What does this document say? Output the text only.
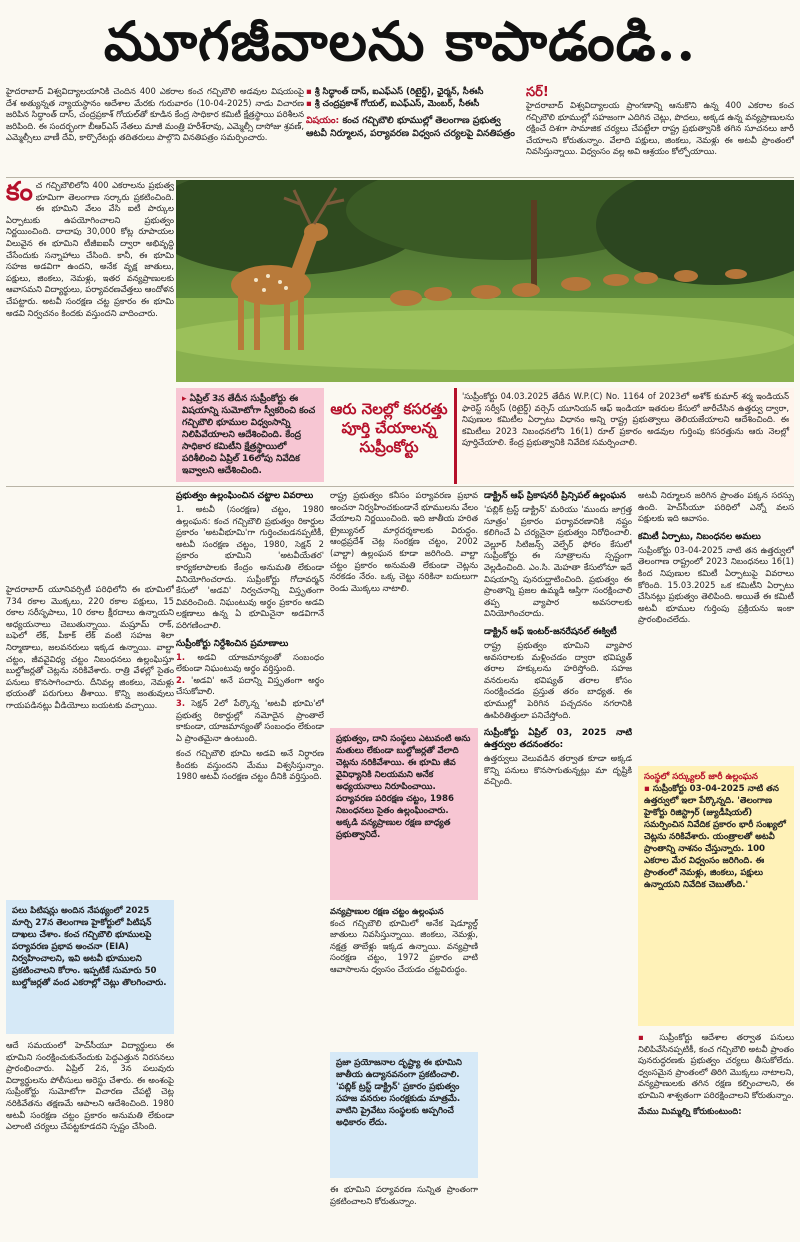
మూగజీవాలను కాపాడండి..
హైదరాబాద్ విశ్వవిద్యాలయానికి చెందిన 400 ఎకరాల కంచ గచ్చిబౌలి అడవుల విషయంపై దేశ అత్యున్నత న్యాయస్థానం ఆదేశాల మేరకు గురువారం (10-04-2025) నాడు విచారణ జరిపిన సిద్ధాంత్ దాస్, చంద్రప్రకాశ్ గోయల్‌తో కూడిన కేంద్ర సాధికార కమిటీ క్షేత్రస్థాయి పరిశీలన జరిపింది. ఈ సందర్భంగా బీఆర్ఎస్ నేతలు మాజీ మంత్రి హరీశ్‌రావు, ఎమ్మెల్సీ దాసోజు శ్రవణ్, ఎమ్మెల్సీలు వాణీ దేవి, కార్పొరేటర్లు తదితరులు పాల్గొని వినతిపత్రం సమర్పించారు.
▪ శ్రీ సిద్ధాంత్ దాస్, ఐఎఫ్ఎస్ (రిటైర్డ్), ఛైర్మన్, సీఈసీ
▪ శ్రీ చంద్రప్రకాశ్ గోయల్, ఐఎఫ్ఎస్, మెంబర్, సీఈసీ
విషయం: కంచ గచ్చిబౌలి భూముల్లో తెలంగాణ ప్రభుత్వ ఆటవీ నిర్మూలన, పర్యావరణ విధ్వంస చర్యలపై వినతిపత్రం
సర్!
హైదరాబాద్ విశ్వవిద్యాలయ ప్రాంగణాన్ని ఆనుకొని ఉన్న 400 ఎకరాల కంచ గచ్చిబౌలి భూముల్లో సహజంగా ఎదిగిన చెట్లు, పొదలు, అక్కడ ఉన్న వన్యప్రాణులను రక్షించే దిశగా సామాజిక చర్యలు చేపట్టేలా రాష్ట్ర ప్రభుత్వానికి తగిన సూచనలు జారీ చేయాలని కోరుతున్నాం. వేలాది పక్షులు, జింకలు, నెమళ్లు ఈ అటవీ ప్రాంతంలో నివసిస్తున్నాయి. విధ్వంసం వల్ల అవి ఆశ్రయం కోల్పోయాయి.
కంచ గచ్చిబౌలిలోని 400 ఎకరాలను ప్రభుత్వ భూమిగా తెలంగాణ సర్కారు ప్రకటించింది. ఈ భూమిని వేలం వేసి ఐటీ పార్కుల ఏర్పాటుకు ఉపయోగించాలని ప్రభుత్వం నిర్ణయించింది. దాదాపు 30,000 కోట్ల రూపాయల విలువైన ఈ భూమిని టీజీఐఐసీ ద్వారా అభివృద్ధి చేసేందుకు సన్నాహాలు చేసింది. కానీ, ఈ భూమి సహజ అడవిగా ఉందని, అనేక వృక్ష జాతులు, పక్షులు, జింకలు, నెమళ్లు, ఇతర వన్యప్రాణులకు ఆవాసమని విద్యార్థులు, పర్యావరణవేత్తలు ఆందోళన చేపట్టారు. అటవీ సంరక్షణ చట్ట ప్రకారం ఈ భూమి అడవి నిర్వచనం కిందకు వస్తుందని వాదించారు.
▸ ఏప్రిల్ 3న తేదీన సుప్రీంకోర్టు ఈ విషయాన్ని సుమోటోగా స్వీకరించి కంచ గచ్చిబౌలి భూముల విధ్వంసాన్ని నిలిపివేయాలని ఆదేశించింది. కేంద్ర సాధికార కమిటీని క్షేత్రస్థాయిలో పరిశీలించి ఏప్రిల్ 16లోపు నివేదిక ఇవ్వాలని ఆదేశించింది.
ఆరు నెలల్లో కసరత్తు పూర్తి చేయాలన్న సుప్రీంకోర్టు
'సుప్రీంకోర్టు 04.03.2025 తేదీన W.P.(C) No. 1164 of 2023లో అశోక్ కుమార్ శర్మ ఇండియన్ ఫారెస్ట్ సర్వీస్ (రిటైర్డ్) వర్సెస్ యూనియన్ ఆఫ్ ఇండియా ఇతరుల కేసులో జారీచేసిన ఉత్తర్వు ద్వారా, నిపుణుల కమిటీల ఏర్పాటు విధానం అన్ని రాష్ట్ర ప్రభుత్వాలు తెలియజేయాలని ఆదేశించింది. ఈ కమిటీలు 2023 నిబంధనలోని 16(1) రూల్ ప్రకారం అడవుల గుర్తింపు కసరత్తును ఆరు నెలల్లో పూర్తిచేయాలి. కేంద్ర ప్రభుత్వానికి నివేదిక సమర్పించాలి.
హైదరాబాద్ యూనివర్సిటీ పరిధిలోని ఈ భూమిలో 734 రకాల మొక్కలు, 220 రకాల పక్షులు, 15 రకాల సరీసృపాలు, 10 రకాల క్షీరదాలు ఉన్నాయని అధ్యయనాలు చెబుతున్నాయి. మష్రూమ్ రాక్, బఫెలో లేక్, పీకాక్ లేక్ వంటి సహజ శిలా నిర్మాణాలు, జలవనరులు ఇక్కడ ఉన్నాయి. వాల్టా చట్టం, జీవవైవిధ్య చట్టం నిబంధనలు ఉల్లంఘిస్తూ బుల్డోజర్లతో చెట్లను నరికివేశారు. రాత్రి వేళల్లో సైతం పనులు కొనసాగించారు. దీనివల్ల జింకలు, నెమళ్లు భయంతో పరుగులు తీశాయి. కొన్ని జంతువులు గాయపడినట్లు వీడియోలు బయటకు వచ్చాయి.
పలు పిటిషన్లు అందిన నేపథ్యంలో 2025 మార్చి 27న తెలంగాణ హైకోర్టులో పిటిషన్ దాఖలు చేశాం. కంచ గచ్చిబౌలి భూములపై పర్యావరణ ప్రభావ అంచనా (EIA) నిర్వహించాలని, ఇవి అటవీ భూములని ప్రకటించాలని కోరాం. ఇప్పటికే సుమారు 50 బుల్డోజర్లతో వంద ఎకరాల్లో చెట్లు తొలగించారు.
ఆదే సమయంలో హెచ్‌సీయూ విద్యార్థులు ఈ భూమిని సంరక్షించుకునేందుకు పెద్దఎత్తున నిరసనలు ప్రారంభించారు. ఏప్రిల్ 2న, 3న పలువురు విద్యార్థులను పోలీసులు అరెస్టు చేశారు. ఈ అంశంపై సుప్రీంకోర్టు సుమోటోగా విచారణ చేపట్టి చెట్ల నరికివేతను తక్షణమే ఆపాలని ఆదేశించింది. 1980 అటవీ సంరక్షణ చట్టం ప్రకారం అనుమతి లేకుండా ఎలాంటి చర్యలు చేపట్టకూడదని స్పష్టం చేసింది.
ప్రభుత్వం ఉల్లంఘించిన చట్టాల వివరాలు

1. అటవీ (సంరక్షణ) చట్టం, 1980 ఉల్లంఘన: కంచ గచ్చిబౌలి ప్రభుత్వం రికార్డుల ప్రకారం 'అటవీభూమి'గా గుర్తించబడనప్పటికీ, అటవీ సంరక్షణ చట్టం, 1980, సెక్షన్ 2 ప్రకారం భూమిని 'అటవీయేతర' కార్యకలాపాలకు కేంద్రం అనుమతి లేకుండా వినియోగించరాదు. సుప్రీంకోర్టు గోదావర్మన్ కేసులో 'అడవి' నిర్వచనాన్ని విస్తృతంగా వివరించింది. నిఘంటువు అర్థం ప్రకారం అడవి లక్షణాలు ఉన్న ఏ భూమినైనా అడవిగానే పరిగణించాలి.

సుప్రీంకోర్టు నిర్దేశించిన ప్రమాణాలు

1. అడవి యాజమాన్యంతో సంబంధం లేకుండా నిఘంటువు అర్థం వర్తిస్తుంది.

2. 'అడవి' అనే పదాన్ని విస్తృతంగా అర్థం చేసుకోవాలి.

3. సెక్షన్ 2లో పేర్కొన్న 'అటవీ భూమి'లో ప్రభుత్వ రికార్డుల్లో నమోదైన ప్రాంతాలే కాకుండా, యాజమాన్యంతో సంబంధం లేకుండా ఏ ప్రాంతమైనా ఉంటుంది.

కంచ గచ్చిబౌలి భూమి అడవి అనే నిర్ధారణ కిందకు వస్తుందని మేము విశ్వసిస్తున్నాం. 1980 అటవీ సంరక్షణ చట్టం దీనికి వర్తిస్తుంది.

రాష్ట్ర ప్రభుత్వం కనీసం పర్యావరణ ప్రభావ అంచనా నిర్వహించకుండానే భూములను వేలం వేయాలని నిర్ణయించింది. ఇది జాతీయ హరిత ట్రైబ్యునల్ మార్గదర్శకాలకు విరుద్ధం. ఆంధ్రప్రదేశ్ చెట్ల సంరక్షణ చట్టం, 2002 (వాల్టా) ఉల్లంఘన కూడా జరిగింది. వాల్టా చట్టం ప్రకారం అనుమతి లేకుండా చెట్లను నరకడం నేరం. ఒక్క చెట్టు నరికినా బదులుగా రెండు మొక్కలు నాటాలి.
ప్రభుత్వం, దాని సంస్థలు ఎటువంటి అను మతులు లేకుండా బుల్డోజర్లతో వేలాది చెట్లను నరికివేశాయి. ఈ భూమి జీవ వైవిధ్యానికి నిలయమని అనేక అధ్యయనాలు నిరూపించాయి. పర్యావరణ పరిరక్షణ చట్టం, 1986 నిబంధనలు సైతం ఉల్లంఘించారు. అక్కడి వన్యప్రాణుల రక్షణ బాధ్యత ప్రభుత్వానిదే.
వన్యప్రాణుల రక్షణ చట్టం ఉల్లంఘన

కంచ గచ్చిబౌలి భూమిలో అనేక షెడ్యూల్డ్ జాతులు నివసిస్తున్నాయి. జింకలు, నెమళ్లు, నక్షత్ర తాబేళ్లు ఇక్కడ ఉన్నాయి. వన్యప్రాణి సంరక్షణ చట్టం, 1972 ప్రకారం వాటి ఆవాసాలను ధ్వంసం చేయడం చట్టవిరుద్ధం.

ప్రజా ప్రయోజనాల దృష్ట్యా ఈ భూమిని జాతీయ ఉద్యానవనంగా ప్రకటించాలి. 'పబ్లిక్ ట్రస్ట్ డాక్ట్రిన్' ప్రకారం ప్రభుత్వం సహజ వనరుల సంరక్షకుడు మాత్రమే. వాటిని ప్రైవేటు సంస్థలకు అప్పగించే అధికారం లేదు.
ఈ భూమిని పర్యావరణ సున్నిత ప్రాంతంగా ప్రకటించాలని కోరుతున్నాం.
డాక్ట్రిన్ ఆఫ్ ప్రికాషనరీ ప్రిన్సిపల్ ఉల్లంఘన

'పబ్లిక్ ట్రస్ట్ డాక్ట్రిన్' మరియు 'ముందు జాగ్రత్త సూత్రం' ప్రకారం పర్యావరణానికి నష్టం కలిగించే ఏ చర్యనైనా ప్రభుత్వం నిరోధించాలి. వెల్లూర్ సిటిజన్స్ వెల్ఫేర్ ఫోరం కేసులో సుప్రీంకోర్టు ఈ సూత్రాలను స్పష్టంగా వెల్లడించింది. ఎం.సి. మెహతా కేసులోనూ ఇదే విషయాన్ని పునరుద్ఘాటించింది. ప్రభుత్వం ఈ ప్రాంతాన్ని ప్రజల ఉమ్మడి ఆస్తిగా సంరక్షించాలి తప్ప వ్యాపార అవసరాలకు వినియోగించరాదు.

డాక్ట్రిన్ ఆఫ్ ఇంటర్-జనరేషనల్ ఈక్విటీ

రాష్ట్ర ప్రభుత్వం భూమిని వ్యాపార అవసరాలకు మళ్లించడం ద్వారా భవిష్యత్ తరాల హక్కులను హరిస్తోంది. సహజ వనరులను భవిష్యత్ తరాల కోసం సంరక్షించడం ప్రస్తుత తరం బాధ్యత. ఈ భూముల్లో పెరిగిన పచ్చదనం నగరానికి ఊపిరితిత్తులా పనిచేస్తోంది.

సుప్రీంకోర్టు ఏప్రిల్ 03, 2025 నాటి ఉత్తర్వుల తదనంతరం:

ఉత్తర్వులు వెలువడిన తర్వాత కూడా అక్కడ కొన్ని పనులు కొనసాగుతున్నట్లు మా దృష్టికి వచ్చింది.

అటవీ నిర్మూలన జరిగిన ప్రాంతం పక్కన సరస్సు ఉంది. హెచ్‌సీయూ పరిధిలో ఎన్నో వలస పక్షులకు ఇది ఆవాసం.

కమిటీ ఏర్పాటు, నిబంధనల అమలు

సుప్రీంకోర్టు 03-04-2025 నాటి తన ఉత్తర్వులో తెలంగాణ రాష్ట్రంలో 2023 నిబంధనలు 16(1) కింద నిపుణుల కమిటీ ఏర్పాటుపై వివరాలు కోరింది. 15.03.2025 ఒక కమిటీని ఏర్పాటు చేసినట్లు ప్రభుత్వం తెలిపింది. అయితే ఈ కమిటీ అటవీ భూముల గుర్తింపు ప్రక్రియను ఇంకా ప్రారంభించలేదు.

సంస్థలో సర్క్యులర్ జారీ ఉల్లంఘన
▪ సుప్రీంకోర్టు 03-04-2025 నాటి తన ఉత్తర్వులో ఇలా పేర్కొన్నది. 'తెలంగాణ హైకోర్టు రిజిస్ట్రార్ (జ్యుడీషియల్) సమర్పించిన నివేదిక ప్రకారం భారీ సంఖ్యలో చెట్లను నరికివేశారు. యంత్రాలతో అటవీ ప్రాంతాన్ని నాశనం చేస్తున్నారు. 100 ఎకరాల మేర విధ్వంసం జరిగింది. ఈ ప్రాంతంలో నెమళ్లు, జింకలు, పక్షులు ఉన్నాయని నివేదిక చెబుతోంది.'

▪ సుప్రీంకోర్టు ఆదేశాల తర్వాత పనులు నిలిపివేసినప్పటికీ, కంచ గచ్చిబౌలి అటవీ ప్రాంతం పునరుద్ధరణకు ప్రభుత్వం చర్యలు తీసుకోలేదు. ధ్వంసమైన ప్రాంతంలో తిరిగి మొక్కలు నాటాలని, వన్యప్రాణులకు తగిన రక్షణ కల్పించాలని, ఈ భూమిని శాశ్వతంగా పరిరక్షించాలని కోరుతున్నాం.

మేము మిమ్మల్ని కోరుకుంటుంది:
